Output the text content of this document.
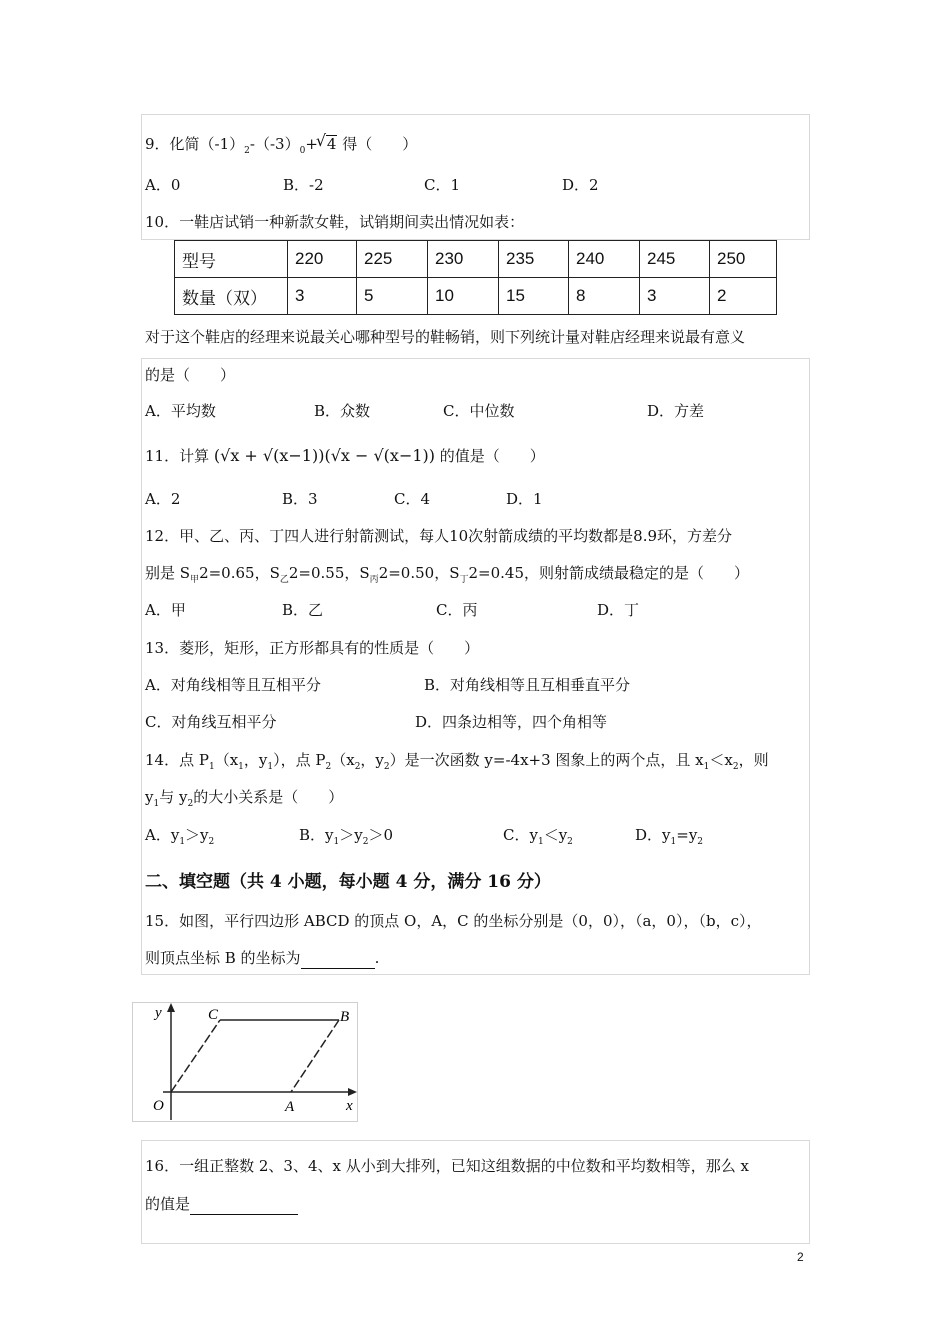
9．化简$(-1)_2-(-3)_0+$ √ 4 得（　　）
A．0	B．-2	C．1	D．2
10．一鞋店试销一种新款女鞋，试销期间卖出情况如表：
型号	220	225	230	235	240	245	250
数量（双）	3	5	10	15	8	3	2
对于这个鞋店的经理来说最关心哪种型号的鞋畅销，则下列统计量对鞋店经理来说最有意义
的是（　　）
A．平均数	B．众数	C．中位数	D．方差
11．计算 (√x + √(x−1))(√x − √(x−1)) 的值是（　　）
A．2	B．3	C．4	D．1
12．甲、乙、丙、丁四人进行射箭测试，每人10次射箭成绩的平均数都是8.9环，方差分
别是 $S_甲2=0.65$，$S_乙2=0.55$，$S_丙2=0.50$，$S_丁2=0.45$，则射箭成绩最稳定的是（　　）
A．甲	B．乙	C．丙	D．丁
13．菱形，矩形，正方形都具有的性质是（　　）
A．对角线相等且互相平分	B．对角线相等且互相垂直平分
C．对角线互相平分	D．四条边相等，四个角相等
14．点 $P_1(x_1$，$y_1$），点 $P_2(x_2$，$y_2$）是一次函数 y=-4x+3 图象上的两个点，且 $x_1<x_2$，则
$y_1$与 $y_2$的大小关系是（　　）
A．$y_1>y_2$	B．$y_1>y_2>0$	C．$y_1<y_2$	D．$y_1=y_2$
二、填空题（共 4 小题，每小题 4 分，满分 16 分）
15．如图，平行四边形 ABCD 的顶点 O，A，C 的坐标分别是（0，0），（a，0），（b，c），
则顶点坐标 B 的坐标为	.
y
x
O	A
C	B
16．一组正整数 2、3、4、x 从小到大排列，已知这组数据的中位数和平均数相等，那么 x
的值是
2
